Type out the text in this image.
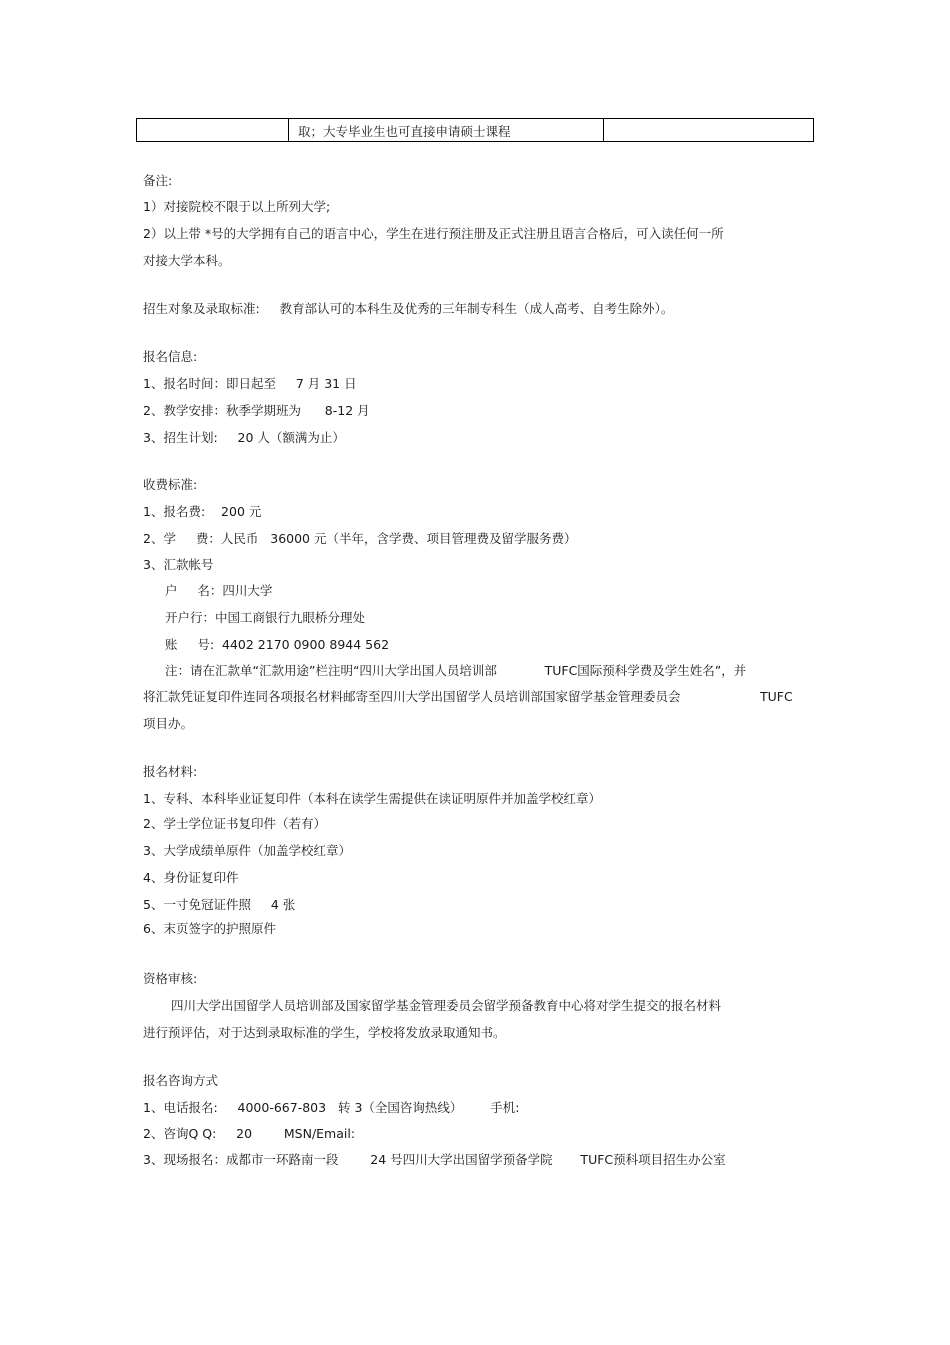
取；大专毕业生也可直接申请硕士课程
备注:
1）对接院校不限于以上所列大学;
2）以上带 *号的大学拥有自己的语言中心，学生在进行预注册及正式注册且语言合格后，可入读任何一所
对接大学本科。
招生对象及录取标准:     教育部认可的本科生及优秀的三年制专科生（成人高考、自考生除外）。
报名信息:
1、报名时间：即日起至     7 月 31 日
2、教学安排：秋季学期班为      8-12 月
3、招生计划:     20 人（额满为止）
收费标准:
1、报名费:    200 元
2、学     费：人民币   36000 元（半年，含学费、项目管理费及留学服务费）
3、汇款帐号
户     名：四川大学
开户行：中国工商银行九眼桥分理处
账     号:  4402 2170 0900 8944 562
注：请在汇款单“汇款用途”栏注明“四川大学出国人员培训部            TUFC国际预科学费及学生姓名”，并
将汇款凭证复印件连同各项报名材料邮寄至四川大学出国留学人员培训部国家留学基金管理委员会                    TUFC
项目办。
报名材料:
1、专科、本科毕业证复印件（本科在读学生需提供在读证明原件并加盖学校红章）
2、学士学位证书复印件（若有）
3、大学成绩单原件（加盖学校红章）
4、身份证复印件
5、一寸免冠证件照     4 张
6、末页签字的护照原件
资格审核:
四川大学出国留学人员培训部及国家留学基金管理委员会留学预备教育中心将对学生提交的报名材料
进行预评估，对于达到录取标准的学生，学校将发放录取通知书。
报名咨询方式
1、电话报名:     4000-667-803   转 3（全国咨询热线）       手机:
2、咨询Q Q:     20        MSN/Email:
3、现场报名：成都市一环路南一段        24 号四川大学出国留学预备学院       TUFC预科项目招生办公室
